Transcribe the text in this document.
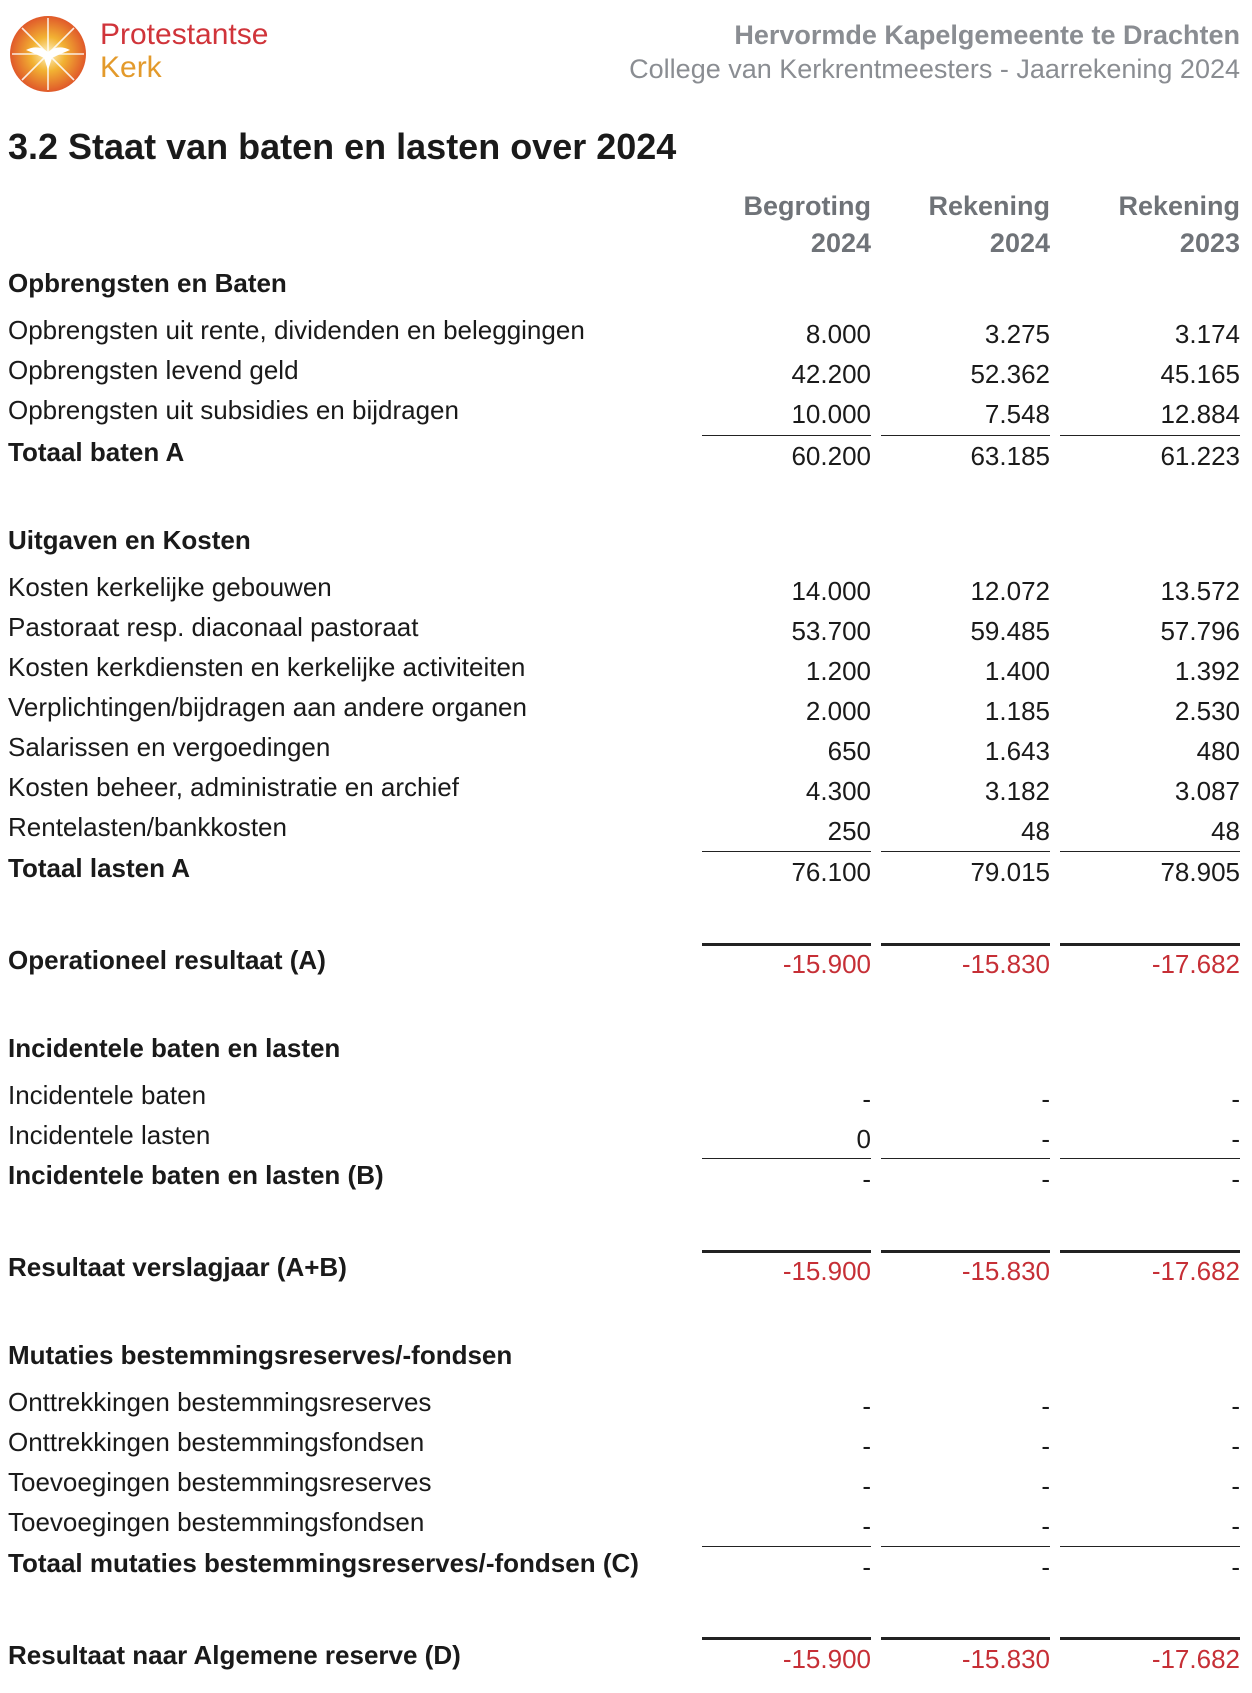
Protestantse
Kerk
Hervormde Kapelgemeente te Drachten
College van Kerkrentmeesters - Jaarrekening 2024
3.2 Staat van baten en lasten over 2024
Begroting
2024
Rekening
2024
Rekening
2023
Opbrengsten en Baten
Opbrengsten uit rente, dividenden en beleggingen	8.000	3.275	3.174
Opbrengsten levend geld	42.200	52.362	45.165
Opbrengsten uit subsidies en bijdragen	10.000	7.548	12.884
Totaal baten A	60.200	63.185	61.223
Uitgaven en Kosten
Kosten kerkelijke gebouwen	14.000	12.072	13.572
Pastoraat resp. diaconaal pastoraat	53.700	59.485	57.796
Kosten kerkdiensten en kerkelijke activiteiten	1.200	1.400	1.392
Verplichtingen/bijdragen aan andere organen	2.000	1.185	2.530
Salarissen en vergoedingen	650	1.643	480
Kosten beheer, administratie en archief	4.300	3.182	3.087
Rentelasten/bankkosten	250	48	48
Totaal lasten A	76.100	79.015	78.905
Operationeel resultaat (A)	-15.900	-15.830	-17.682
Incidentele baten en lasten
Incidentele baten	-	-	-
Incidentele lasten	0	-	-
Incidentele baten en lasten (B)	-	-	-
Resultaat verslagjaar (A+B)	-15.900	-15.830	-17.682
Mutaties bestemmingsreserves/-fondsen
Onttrekkingen bestemmingsreserves	-	-	-
Onttrekkingen bestemmingsfondsen	-	-	-
Toevoegingen bestemmingsreserves	-	-	-
Toevoegingen bestemmingsfondsen	-	-	-
Totaal mutaties bestemmingsreserves/-fondsen (C)	-	-	-
Resultaat naar Algemene reserve (D)	-15.900	-15.830	-17.682
